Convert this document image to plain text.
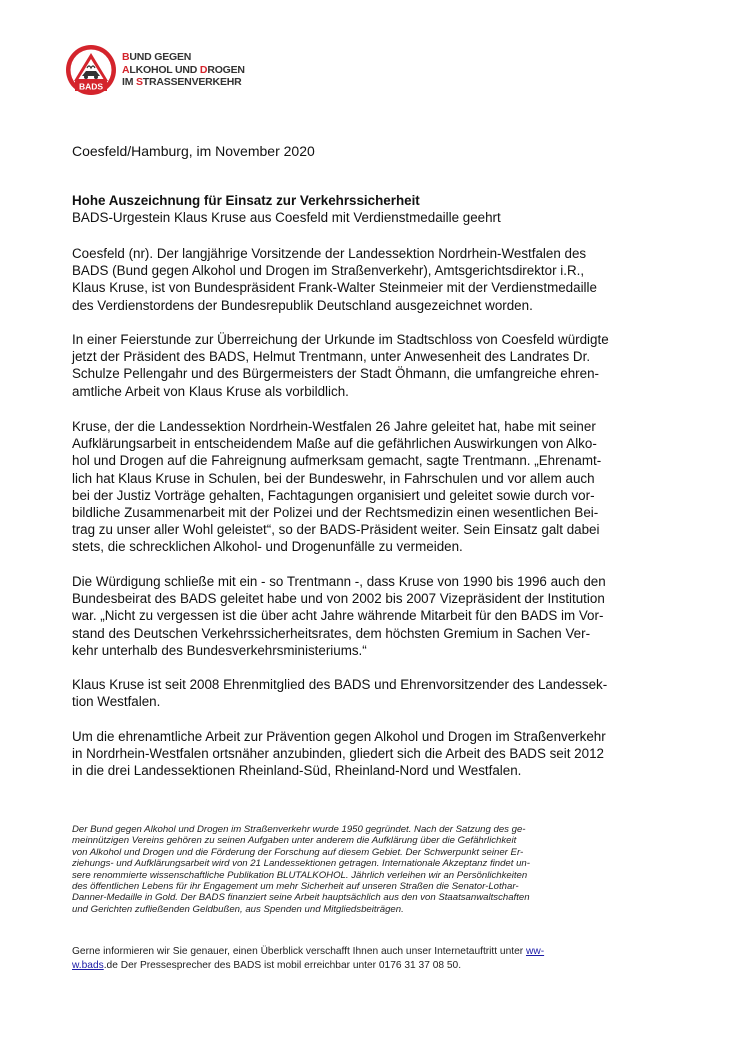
BADS
BUND GEGEN
ALKOHOL UND DROGEN
IM STRASSENVERKEHR
Coesfeld/Hamburg, im November 2020
Hohe Auszeichnung für Einsatz zur Verkehrssicherheit
BADS-Urgestein Klaus Kruse aus Coesfeld mit Verdienstmedaille geehrt

Coesfeld (nr). Der langjährige Vorsitzende der Landessektion Nordrhein-Westfalen des
BADS (Bund gegen Alkohol und Drogen im Straßenverkehr), Amtsgerichtsdirektor i.R.,
Klaus Kruse, ist von Bundespräsident Frank-Walter Steinmeier mit der Verdienstmedaille
des Verdienstordens der Bundesrepublik Deutschland ausgezeichnet worden.

In einer Feierstunde zur Überreichung der Urkunde im Stadtschloss von Coesfeld würdigte
jetzt der Präsident des BADS, Helmut Trentmann, unter Anwesenheit des Landrates Dr.
Schulze Pellengahr und des Bürgermeisters der Stadt Öhmann, die umfangreiche ehren-
amtliche Arbeit von Klaus Kruse als vorbildlich.

Kruse, der die Landessektion Nordrhein-Westfalen 26 Jahre geleitet hat, habe mit seiner
Aufklärungsarbeit in entscheidendem Maße auf die gefährlichen Auswirkungen von Alko-
hol und Drogen auf die Fahreignung aufmerksam gemacht, sagte Trentmann. „Ehrenamt-
lich hat Klaus Kruse in Schulen, bei der Bundeswehr, in Fahrschulen und vor allem auch
bei der Justiz Vorträge gehalten, Fachtagungen organisiert und geleitet sowie durch vor-
bildliche Zusammenarbeit mit der Polizei und der Rechtsmedizin einen wesentlichen Bei-
trag zu unser aller Wohl geleistet“, so der BADS-Präsident weiter. Sein Einsatz galt dabei
stets, die schrecklichen Alkohol- und Drogenunfälle zu vermeiden.

Die Würdigung schließe mit ein - so Trentmann -, dass Kruse von 1990 bis 1996 auch den
Bundesbeirat des BADS geleitet habe und von 2002 bis 2007 Vizepräsident der Institution
war. „Nicht zu vergessen ist die über acht Jahre währende Mitarbeit für den BADS im Vor-
stand des Deutschen Verkehrssicherheitsrates, dem höchsten Gremium in Sachen Ver-
kehr unterhalb des Bundesverkehrsministeriums.“

Klaus Kruse ist seit 2008 Ehrenmitglied des BADS und Ehrenvorsitzender des Landessek-
tion Westfalen.

Um die ehrenamtliche Arbeit zur Prävention gegen Alkohol und Drogen im Straßenverkehr
in Nordrhein-Westfalen ortsnäher anzubinden, gliedert sich die Arbeit des BADS seit 2012
in die drei Landessektionen Rheinland-Süd, Rheinland-Nord und Westfalen.

Der Bund gegen Alkohol und Drogen im Straßenverkehr wurde 1950 gegründet. Nach der Satzung des ge-
meinnützigen Vereins gehören zu seinen Aufgaben unter anderem die Aufklärung über die Gefährlichkeit
von Alkohol und Drogen und die Förderung der Forschung auf diesem Gebiet. Der Schwerpunkt seiner Er-
ziehungs- und Aufklärungsarbeit wird von 21 Landessektionen getragen. Internationale Akzeptanz findet un-
sere renommierte wissenschaftliche Publikation BLUTALKOHOL. Jährlich verleihen wir an Persönlichkeiten
des öffentlichen Lebens für ihr Engagement um mehr Sicherheit auf unseren Straßen die Senator-Lothar-
Danner-Medaille in Gold. Der BADS finanziert seine Arbeit hauptsächlich aus den von Staatsanwaltschaften
und Gerichten zufließenden Geldbußen, aus Spenden und Mitgliedsbeiträgen.

Gerne informieren wir Sie genauer, einen Überblick verschafft Ihnen auch unser Internetauftritt unter ww-
w.bads.de Der Pressesprecher des BADS ist mobil erreichbar unter 0176 31 37 08 50.
